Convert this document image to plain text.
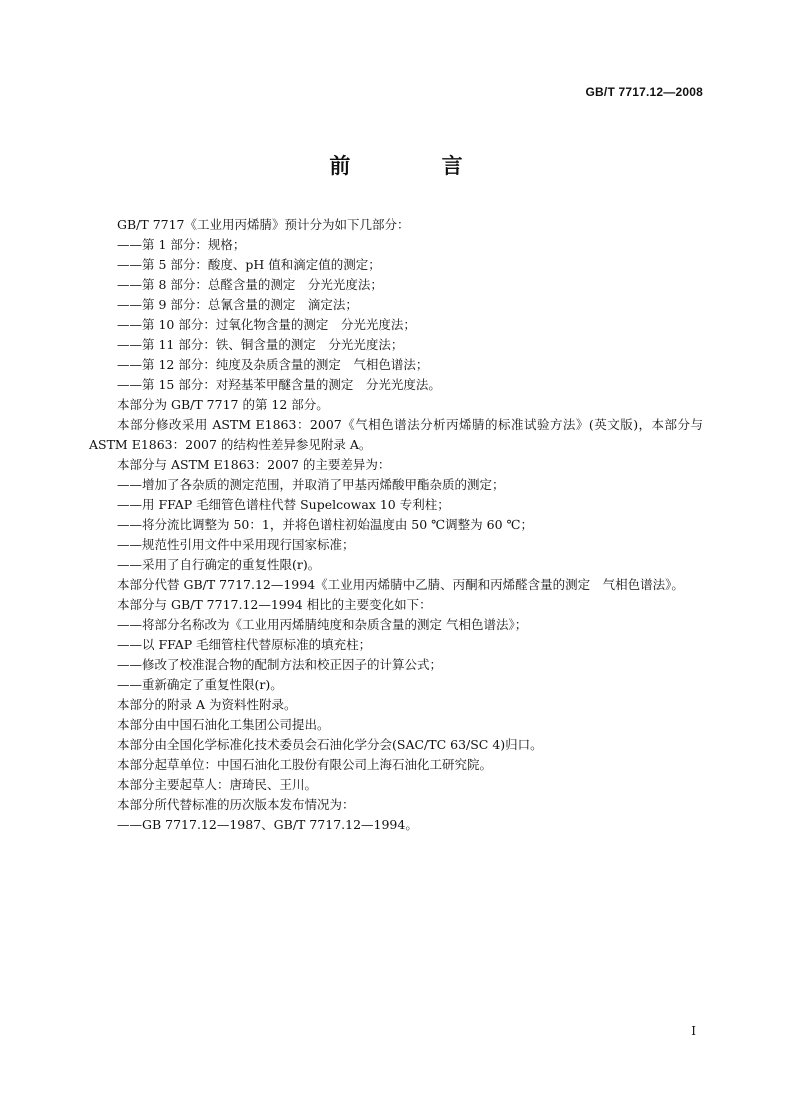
GB/T 7717.12—2008
前 言

GB/T 7717《工业用丙烯腈》预计分为如下几部分：

——第 1 部分：规格；

——第 5 部分：酸度、pH 值和滴定值的测定；

——第 8 部分：总醛含量的测定　分光光度法；

——第 9 部分：总氰含量的测定　滴定法；

——第 10 部分：过氧化物含量的测定　分光光度法；

——第 11 部分：铁、铜含量的测定　分光光度法；

——第 12 部分：纯度及杂质含量的测定　气相色谱法；

——第 15 部分：对羟基苯甲醚含量的测定　分光光度法。

本部分为 GB/T 7717 的第 12 部分。

本部分修改采用 ASTM E1863：2007《气相色谱法分析丙烯腈的标准试验方法》(英文版)，本部分与 ASTM E1863：2007 的结构性差异参见附录 A。

本部分与 ASTM E1863：2007 的主要差异为：

——增加了各杂质的测定范围，并取消了甲基丙烯酸甲酯杂质的测定；

——用 FFAP 毛细管色谱柱代替 Supelcowax 10 专利柱；

——将分流比调整为 50：1，并将色谱柱初始温度由 50 ℃调整为 60 ℃；

——规范性引用文件中采用现行国家标准；

——采用了自行确定的重复性限(r)。

本部分代替 GB/T 7717.12—1994《工业用丙烯腈中乙腈、丙酮和丙烯醛含量的测定　气相色谱法》。

本部分与 GB/T 7717.12—1994 相比的主要变化如下：

——将部分名称改为《工业用丙烯腈纯度和杂质含量的测定 气相色谱法》；

——以 FFAP 毛细管柱代替原标准的填充柱；

——修改了校准混合物的配制方法和校正因子的计算公式；

——重新确定了重复性限(r)。

本部分的附录 A 为资料性附录。

本部分由中国石油化工集团公司提出。

本部分由全国化学标准化技术委员会石油化学分会(SAC/TC 63/SC 4)归口。

本部分起草单位：中国石油化工股份有限公司上海石油化工研究院。

本部分主要起草人：唐琦民、王川。

本部分所代替标准的历次版本发布情况为：

——GB 7717.12—1987、GB/T 7717.12—1994。

I
